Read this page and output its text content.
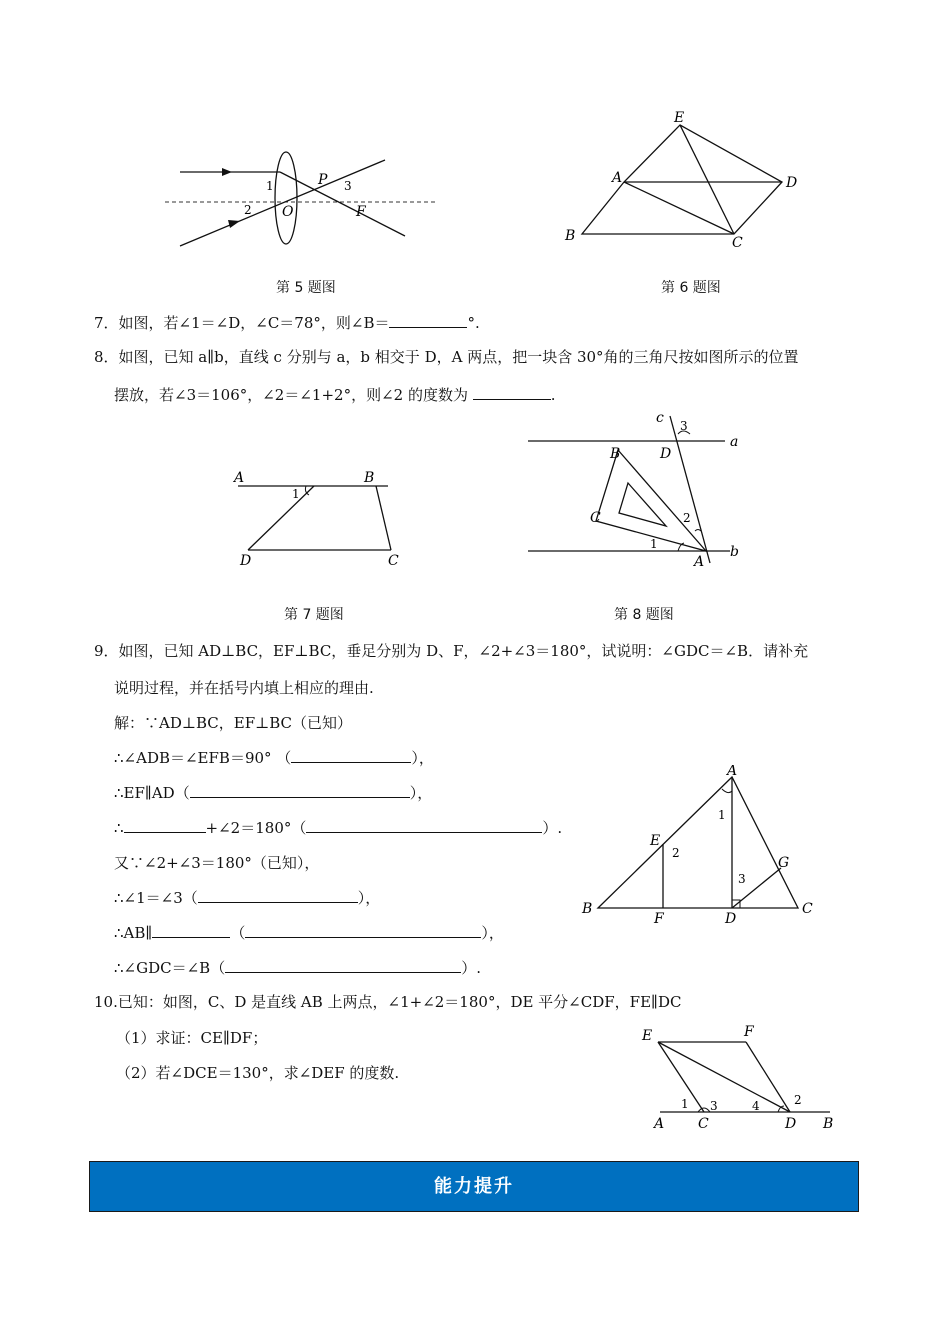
1
2
P 3
O	F
第 5 题图
E
A	D
B	C
第 6 题图
7．如图，若∠1＝∠D，∠C＝78°，则∠B＝	°.
8．如图，已知 a∥b，直线 c 分别与 a，b 相交于 D，A 两点，把一块含 30°角的三角尺按如图所示的位置
摆放，若∠3＝106°，∠2＝∠1+2°，则∠2 的度数为	.
A	B
1
D	C
第 7 题图
c 3
a
B	D
C	2
1
A
b
第 8 题图
9．如图，已知 AD⊥BC，EF⊥BC，垂足分别为 D、F，∠2+∠3＝180°，试说明：∠GDC＝∠B．请补充
说明过程，并在括号内填上相应的理由.
解：∵AD⊥BC，EF⊥BC（已知）
∴∠ADB＝∠EFB＝90° （	），
∴EF∥AD（	），
∴	+∠2＝180°（	）.
又∵∠2+∠3＝180°（已知），
∴∠1＝∠3（	），
∴AB∥	（	），
∴∠GDC＝∠B（	）.
A
1
E
2
G
3
B
F	D
C
10.已知：如图，C、D 是直线 AB 上两点，∠1+∠2＝180°，DE 平分∠CDF，FE∥DC
（1）求证：CE∥DF；
（2）若∠DCE＝130°，求∠DEF 的度数.
E	F
1 3	4	2
A C	D B
能力提升
